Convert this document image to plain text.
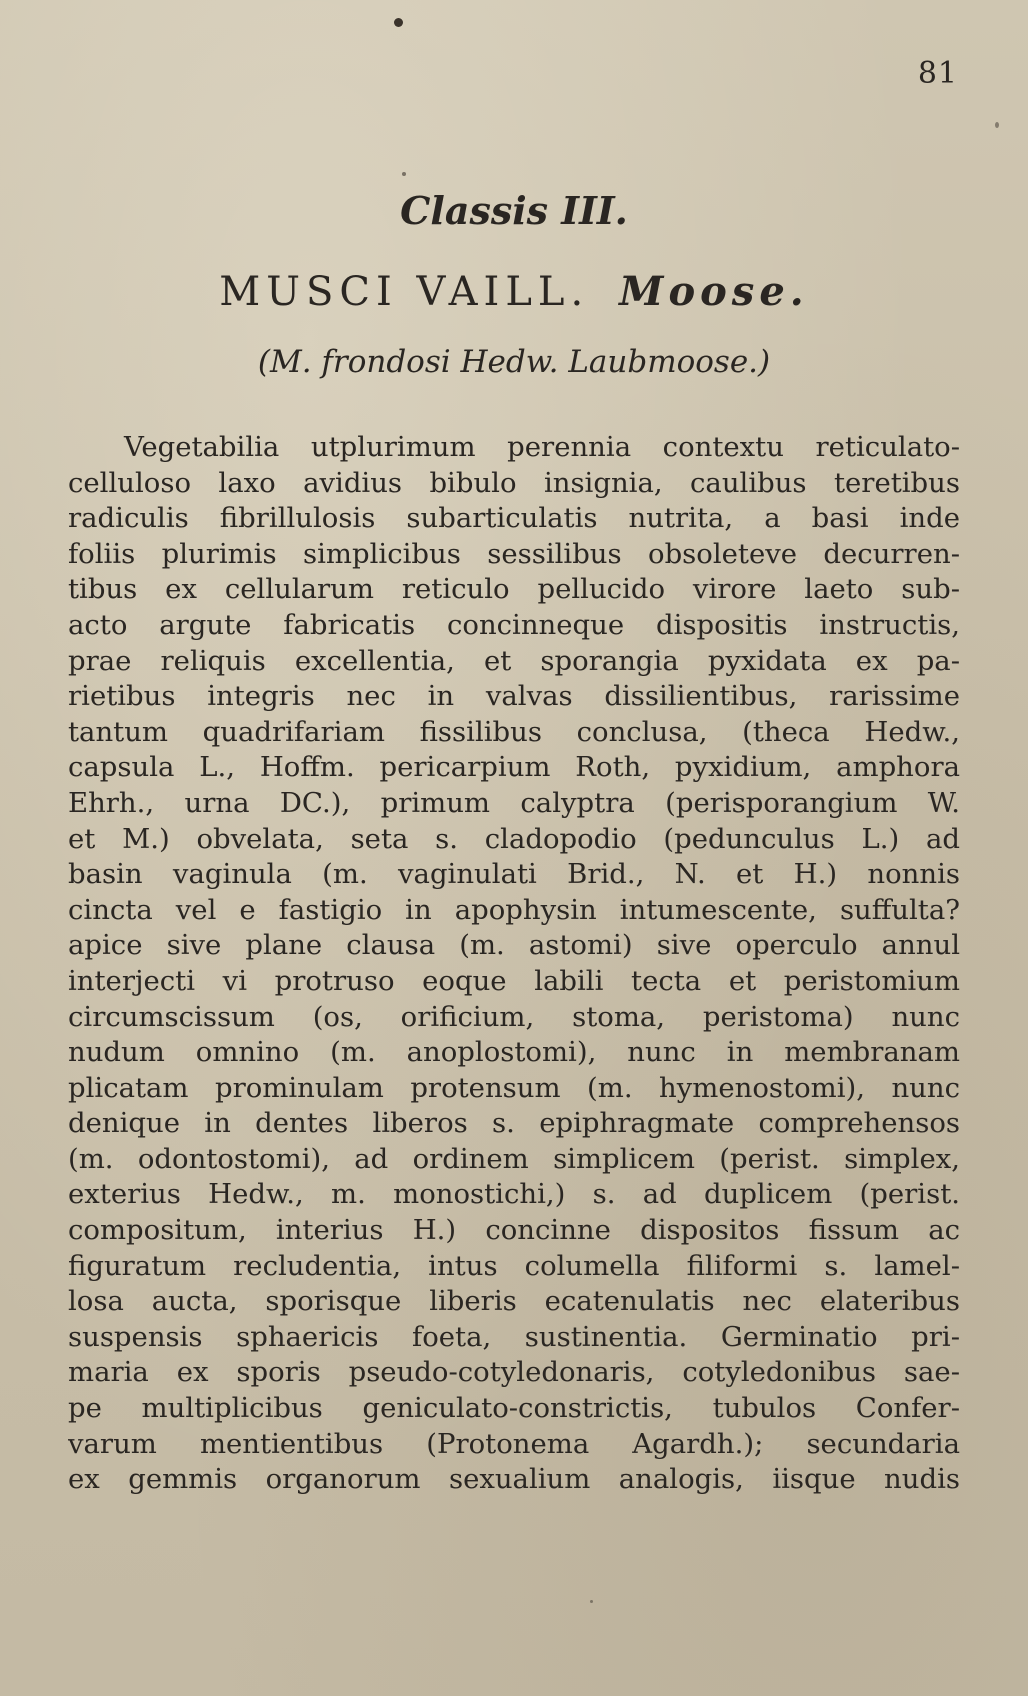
81
Classis III.
MUSCI VAILL. Moose.
(M. frondosi Hedw. Laubmoose.)
Vegetabilia utplurimum perennia contextu reticulato-
celluloso laxo avidius bibulo insignia, caulibus teretibus
radiculis fibrillulosis subarticulatis nutrita, a basi inde
foliis plurimis simplicibus sessilibus obsoleteve decurren-
tibus ex cellularum reticulo pellucido virore laeto sub-
acto argute fabricatis concinneque dispositis instructis,
prae reliquis excellentia, et sporangia pyxidata ex pa-
rietibus integris nec in valvas dissilientibus, rarissime
tantum quadrifariam fissilibus conclusa, (theca Hedw.,
capsula L., Hoffm. pericarpium Roth, pyxidium, amphora
Ehrh., urna DC.), primum calyptra (perisporangium W.
et M.) obvelata, seta s. cladopodio (pedunculus L.) ad
basin vaginula (m. vaginulati Brid., N. et H.) nonnis
cincta vel e fastigio in apophysin intumescente, suffulta?
apice sive plane clausa (m. astomi) sive operculo annul
interjecti vi protruso eoque labili tecta et peristomium
circumscissum (os, orificium, stoma, peristoma) nunc
nudum omnino (m. anoplostomi), nunc in membranam
plicatam prominulam protensum (m. hymenostomi), nunc
denique in dentes liberos s. epiphragmate comprehensos
(m. odontostomi), ad ordinem simplicem (perist. simplex,
exterius Hedw., m. monostichi,) s. ad duplicem (perist.
compositum, interius H.) concinne dispositos fissum ac
figuratum recludentia, intus columella filiformi s. lamel-
losa aucta, sporisque liberis ecatenulatis nec elateribus
suspensis sphaericis foeta, sustinentia. Germinatio pri-
maria ex sporis pseudo-cotyledonaris, cotyledonibus sae-
pe multiplicibus geniculato-constrictis, tubulos Confer-
varum mentientibus (Protonema Agardh.); secundaria
ex gemmis organorum sexualium analogis, iisque nudis
